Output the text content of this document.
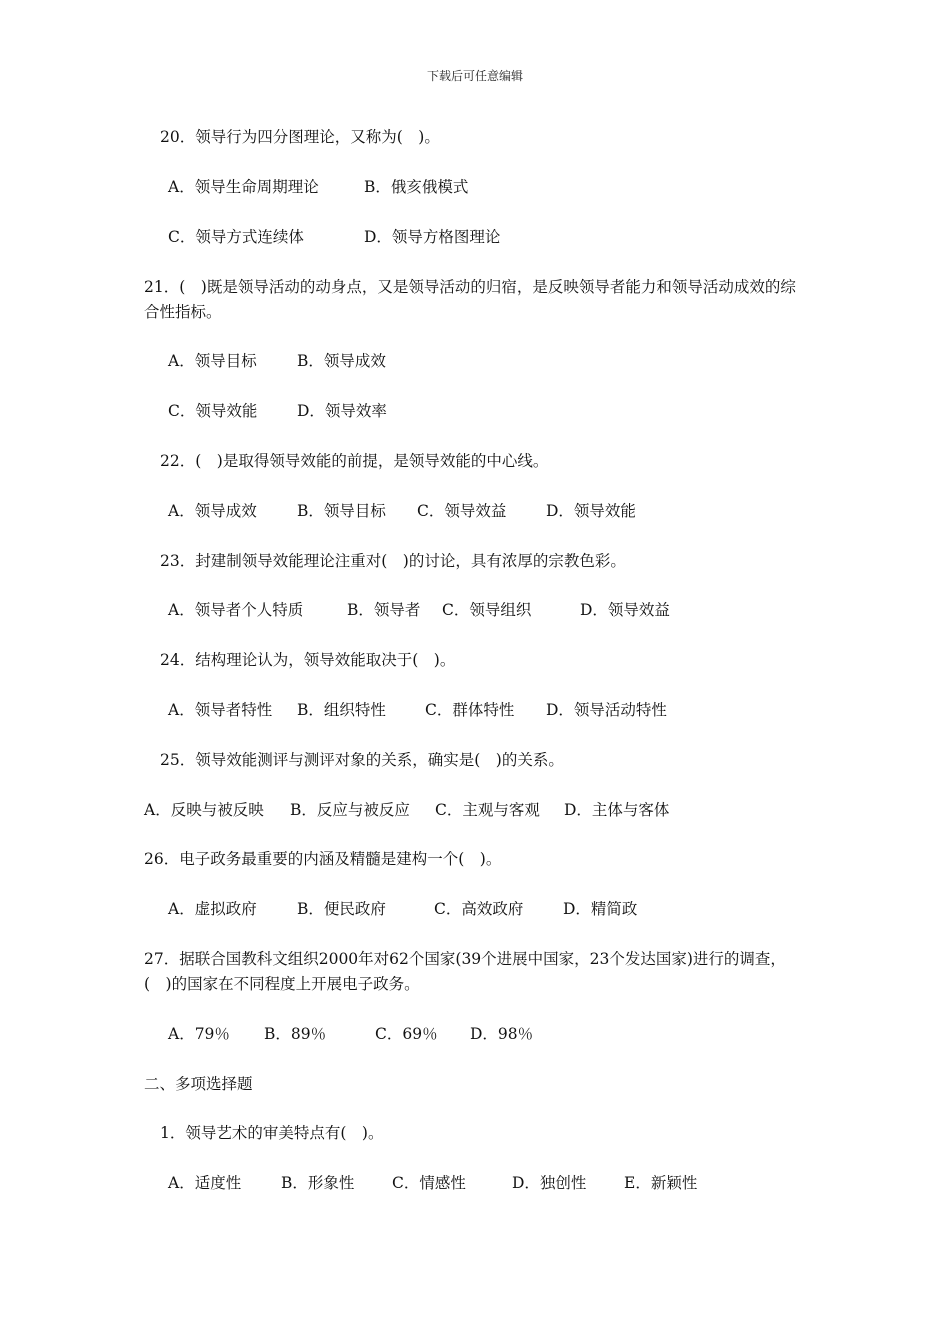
下载后可任意编辑
20．领导行为四分图理论，又称为(　)。
A．领导生命周期理论	B．俄亥俄模式
C．领导方式连续体	D．领导方格图理论
21．(　)既是领导活动的动身点，又是领导活动的归宿，是反映领导者能力和领导活动成效的综合性指标。
A．领导目标	B．领导成效
C．领导效能	D．领导效率
22．(　)是取得领导效能的前提，是领导效能的中心线。
A．领导成效	B．领导目标 C．领导效益	D．领导效能
23．封建制领导效能理论注重对(　)的讨论，具有浓厚的宗教色彩。
A．领导者个人特质	B．领导者 C．领导组织	D．领导效益
24．结构理论认为，领导效能取决于(　)。
A．领导者特性 B．组织特性	C．群体特性 D．领导活动特性
25．领导效能测评与测评对象的关系，确实是(　)的关系。
A．反映与被反映 B．反应与被反应 C．主观与客观 D．主体与客体
26．电子政务最重要的内涵及精髓是建构一个(　)。
A．虚拟政府	B．便民政府	C．高效政府	D．精简政
27．据联合国教科文组织2000年对62个国家(39个进展中国家，23个发达国家)进行的调查，(　)的国家在不同程度上开展电子政务。
A．79％ B．89％	C．69％ D．98％
二、多项选择题
1．领导艺术的审美特点有(　)。
A．适度性	B．形象性 C．情感性	D．独创性 E．新颖性
